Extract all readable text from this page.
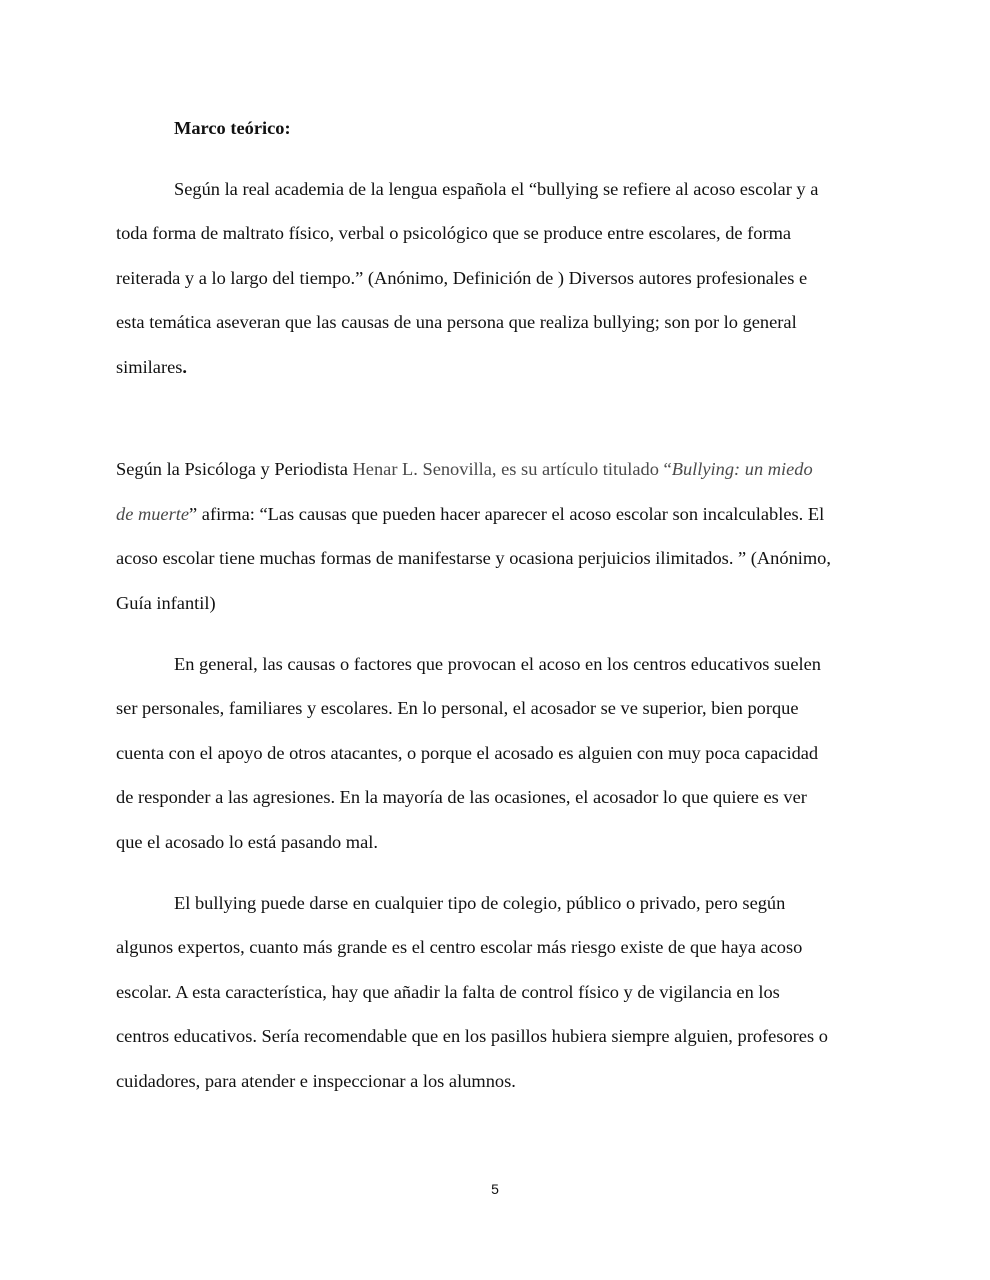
Marco teórico:

Según la real academia de la lengua española el “bullying se refiere al acoso escolar y a

toda forma de maltrato físico, verbal o psicológico que se produce entre escolares, de forma

reiterada y a lo largo del tiempo.” (Anónimo, Definición de ) Diversos autores profesionales e

esta temática aseveran que las causas de una persona que realiza bullying; son por lo general

similares.

Según la Psicóloga y Periodista Henar L. Senovilla, es su artículo titulado “Bullying: un miedo

de muerte” afirma: “Las causas que pueden hacer aparecer el acoso escolar son incalculables. El

acoso escolar tiene muchas formas de manifestarse y ocasiona perjuicios ilimitados. ” (Anónimo,

Guía infantil)

En general, las causas o factores que provocan el acoso en los centros educativos suelen

ser personales, familiares y escolares. En lo personal, el acosador se ve superior, bien porque

cuenta con el apoyo de otros atacantes, o porque el acosado es alguien con muy poca capacidad

de responder a las agresiones. En la mayoría de las ocasiones, el acosador lo que quiere es ver

que el acosado lo está pasando mal.

El bullying puede darse en cualquier tipo de colegio, público o privado, pero según

algunos expertos, cuanto más grande es el centro escolar más riesgo existe de que haya acoso

escolar. A esta característica, hay que añadir la falta de control físico y de vigilancia en los

centros educativos. Sería recomendable que en los pasillos hubiera siempre alguien, profesores o

cuidadores, para atender e inspeccionar a los alumnos.

5
